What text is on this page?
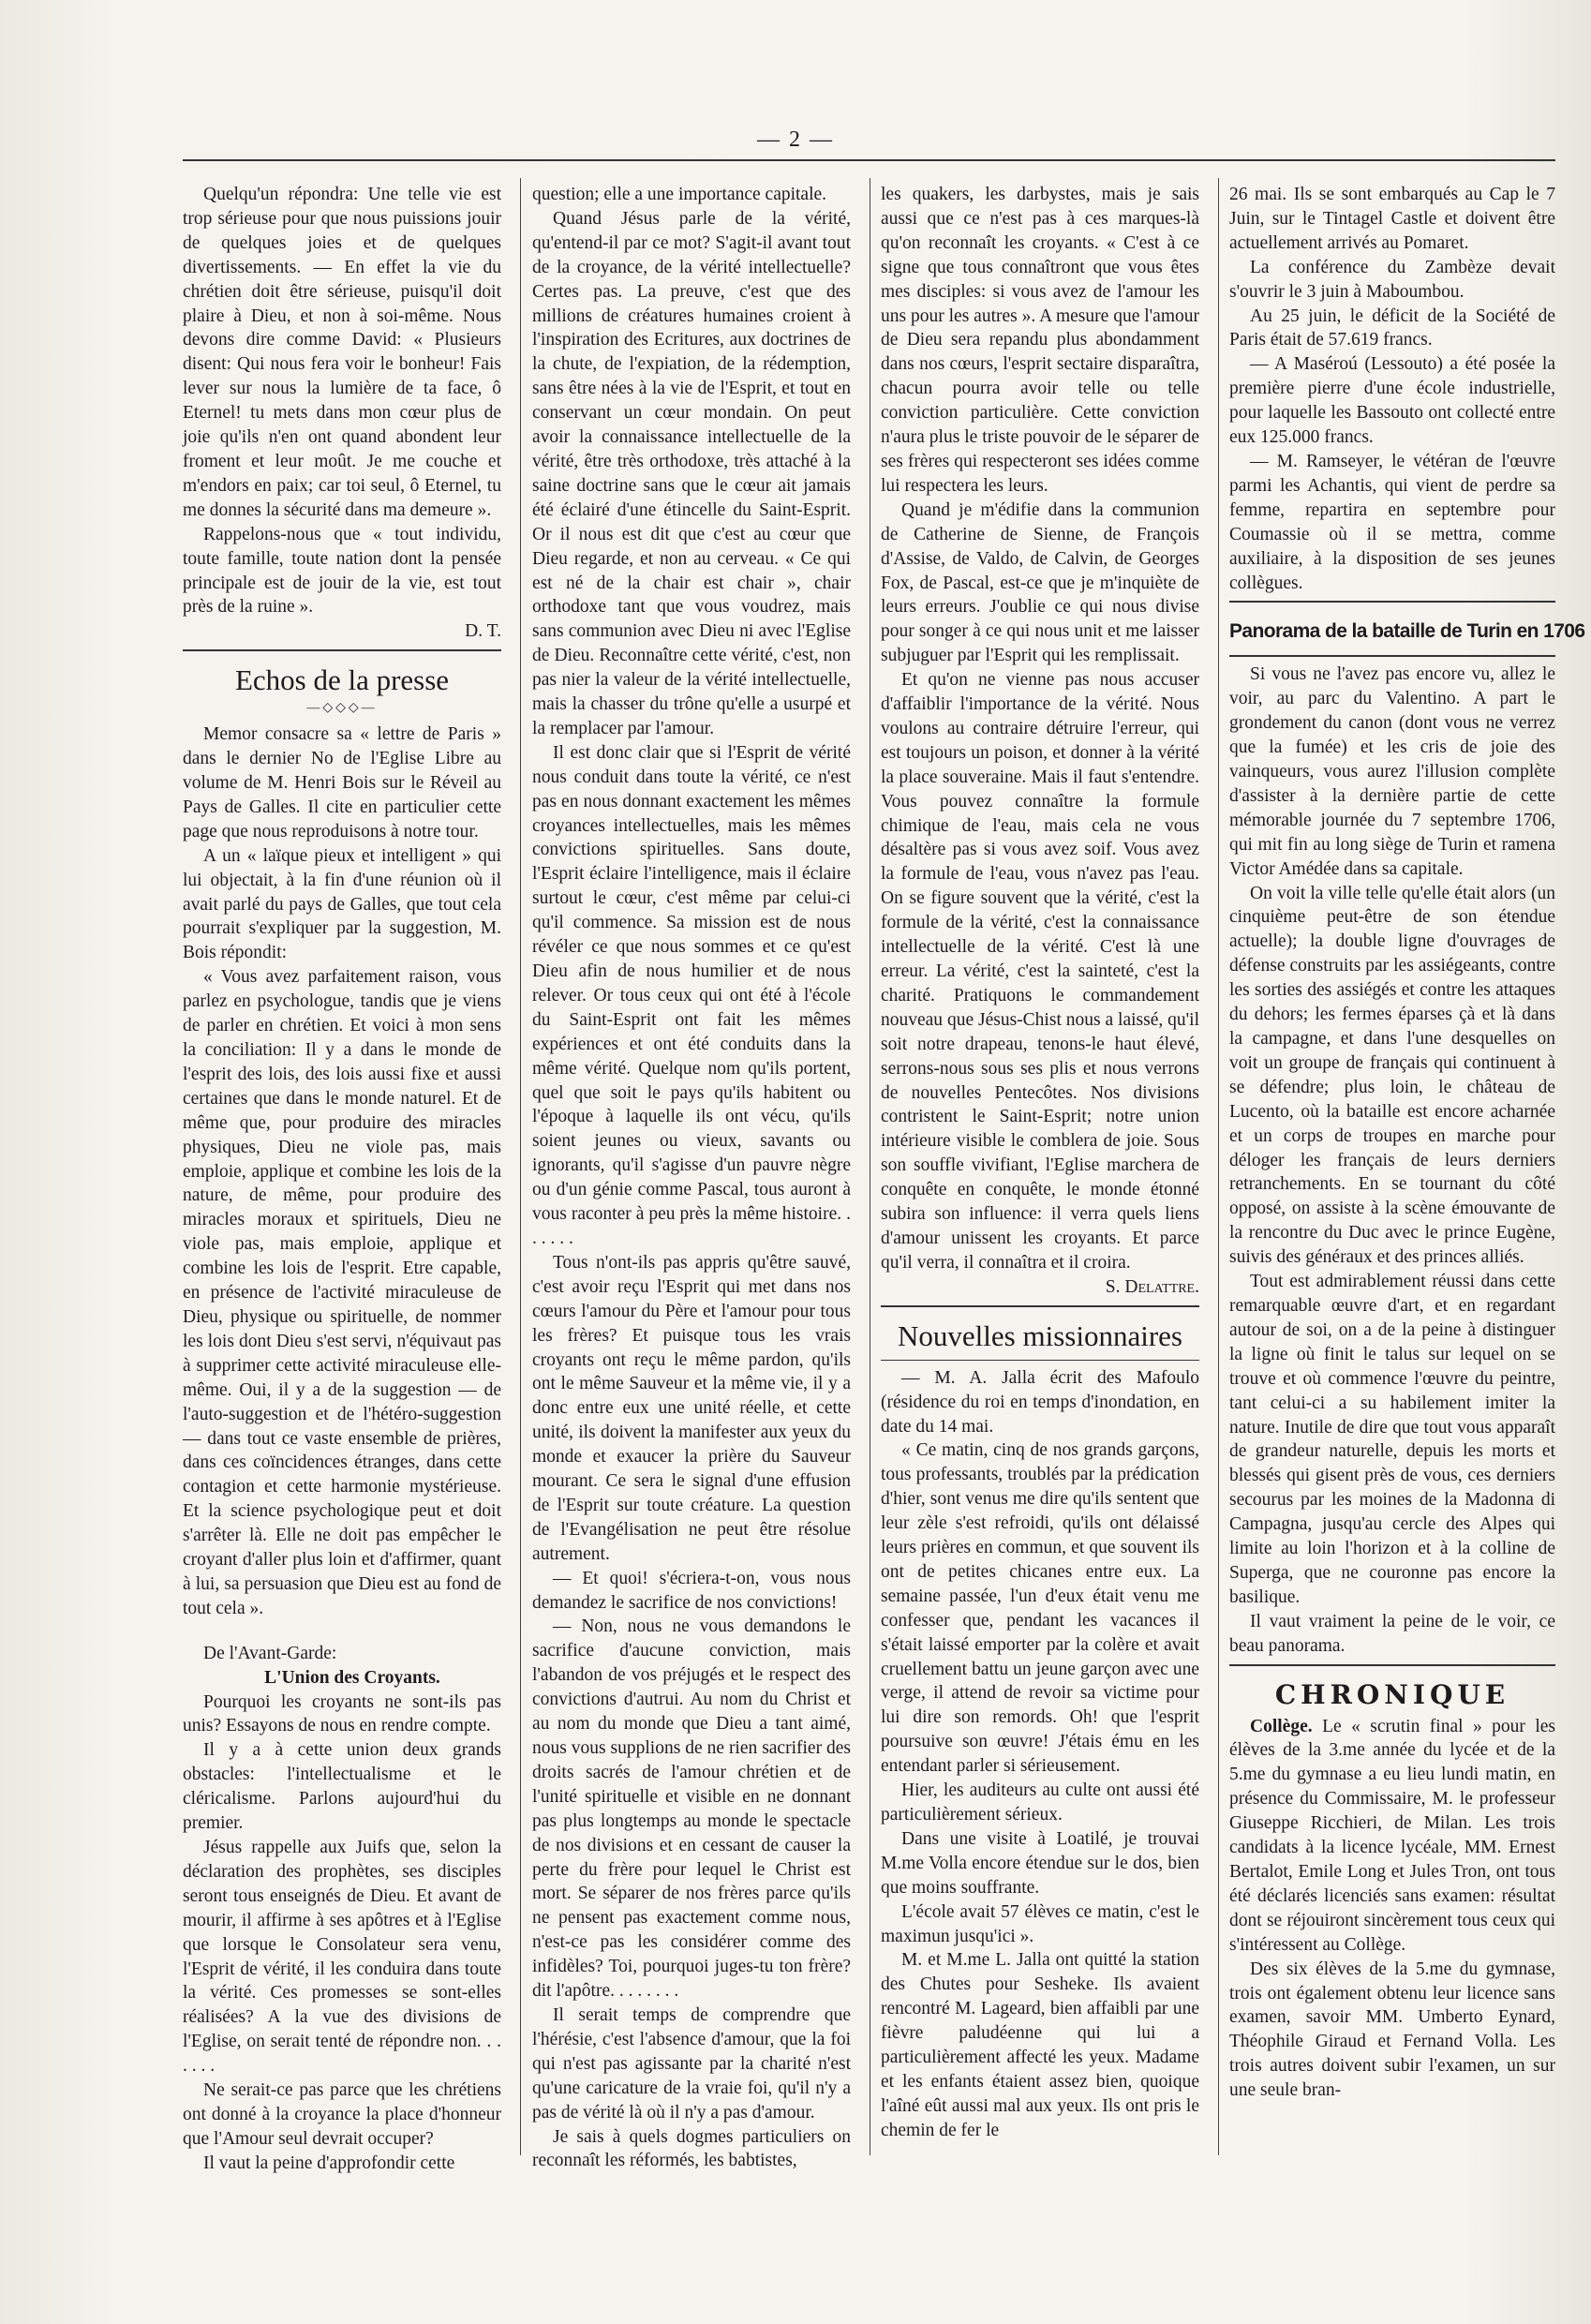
— 2 —

Quelqu'un répondra: Une telle vie est trop sérieuse pour que nous puissions jouir de quelques joies et de quelques divertissements. — En effet la vie du chrétien doit être sérieuse, puisqu'il doit plaire à Dieu, et non à soi-même. Nous devons dire comme David: « Plusieurs disent: Qui nous fera voir le bonheur! Fais lever sur nous la lumière de ta face, ô Eternel! tu mets dans mon cœur plus de joie qu'ils n'en ont quand abondent leur froment et leur moût. Je me couche et m'endors en paix; car toi seul, ô Eternel, tu me donnes la sécurité dans ma demeure ».

Rappelons-nous que « tout individu, toute famille, toute nation dont la pensée principale est de jouir de la vie, est tout près de la ruine ».

D. T.

Echos de la presse
—◇◇◇—

Memor consacre sa « lettre de Paris » dans le dernier No de l'Eglise Libre au volume de M. Henri Bois sur le Réveil au Pays de Galles. Il cite en particulier cette page que nous reproduisons à notre tour.

A un « laïque pieux et intelligent » qui lui objectait, à la fin d'une réunion où il avait parlé du pays de Galles, que tout cela pourrait s'expliquer par la suggestion, M. Bois répondit:

« Vous avez parfaitement raison, vous parlez en psychologue, tandis que je viens de parler en chrétien. Et voici à mon sens la conciliation: Il y a dans le monde de l'esprit des lois, des lois aussi fixe et aussi certaines que dans le monde naturel. Et de même que, pour produire des miracles physiques, Dieu ne viole pas, mais emploie, applique et combine les lois de la nature, de même, pour produire des miracles moraux et spirituels, Dieu ne viole pas, mais emploie, applique et combine les lois de l'esprit. Etre capable, en présence de l'activité miraculeuse de Dieu, physique ou spirituelle, de nommer les lois dont Dieu s'est servi, n'équivaut pas à supprimer cette activité miraculeuse elle-même. Oui, il y a de la suggestion — de l'auto-suggestion et de l'hétéro-suggestion — dans tout ce vaste ensemble de prières, dans ces coïncidences étranges, dans cette contagion et cette harmonie mystérieuse. Et la science psychologique peut et doit s'arrêter là. Elle ne doit pas empêcher le croyant d'aller plus loin et d'affirmer, quant à lui, sa persuasion que Dieu est au fond de tout cela ».

De l'Avant-Garde:

L'Union des Croyants.

Pourquoi les croyants ne sont-ils pas unis? Essayons de nous en rendre compte.

Il y a à cette union deux grands obstacles: l'intellectualisme et le cléricalisme. Parlons aujourd'hui du premier.

Jésus rappelle aux Juifs que, selon la déclaration des prophètes, ses disciples seront tous enseignés de Dieu. Et avant de mourir, il affirme à ses apôtres et à l'Eglise que lorsque le Consolateur sera venu, l'Esprit de vérité, il les conduira dans toute la vérité. Ces promesses se sont-elles réalisées? A la vue des divisions de l'Eglise, on serait tenté de répondre non. . . . . . .

Ne serait-ce pas parce que les chrétiens ont donné à la croyance la place d'honneur que l'Amour seul devrait occuper?

Il vaut la peine d'approfondir cette

question; elle a une importance capitale.

Quand Jésus parle de la vérité, qu'entend-il par ce mot? S'agit-il avant tout de la croyance, de la vérité intellectuelle? Certes pas. La preuve, c'est que des millions de créatures humaines croient à l'inspiration des Ecritures, aux doctrines de la chute, de l'expiation, de la rédemption, sans être nées à la vie de l'Esprit, et tout en conservant un cœur mondain. On peut avoir la connaissance intellectuelle de la vérité, être très orthodoxe, très attaché à la saine doctrine sans que le cœur ait jamais été éclairé d'une étincelle du Saint-Esprit. Or il nous est dit que c'est au cœur que Dieu regarde, et non au cerveau. « Ce qui est né de la chair est chair », chair orthodoxe tant que vous voudrez, mais sans communion avec Dieu ni avec l'Eglise de Dieu. Reconnaître cette vérité, c'est, non pas nier la valeur de la vérité intellectuelle, mais la chasser du trône qu'elle a usurpé et la remplacer par l'amour.

Il est donc clair que si l'Esprit de vérité nous conduit dans toute la vérité, ce n'est pas en nous donnant exactement les mêmes croyances intellectuelles, mais les mêmes convictions spirituelles. Sans doute, l'Esprit éclaire l'intelligence, mais il éclaire surtout le cœur, c'est même par celui-ci qu'il commence. Sa mission est de nous révéler ce que nous sommes et ce qu'est Dieu afin de nous humilier et de nous relever. Or tous ceux qui ont été à l'école du Saint-Esprit ont fait les mêmes expériences et ont été conduits dans la même vérité. Quelque nom qu'ils portent, quel que soit le pays qu'ils habitent ou l'époque à laquelle ils ont vécu, qu'ils soient jeunes ou vieux, savants ou ignorants, qu'il s'agisse d'un pauvre nègre ou d'un génie comme Pascal, tous auront à vous raconter à peu près la même histoire. . . . . . .

Tous n'ont-ils pas appris qu'être sauvé, c'est avoir reçu l'Esprit qui met dans nos cœurs l'amour du Père et l'amour pour tous les frères? Et puisque tous les vrais croyants ont reçu le même pardon, qu'ils ont le même Sauveur et la même vie, il y a donc entre eux une unité réelle, et cette unité, ils doivent la manifester aux yeux du monde et exaucer la prière du Sauveur mourant. Ce sera le signal d'une effusion de l'Esprit sur toute créature. La question de l'Evangélisation ne peut être résolue autrement.

— Et quoi! s'écriera-t-on, vous nous demandez le sacrifice de nos convictions!

— Non, nous ne vous demandons le sacrifice d'aucune conviction, mais l'abandon de vos préjugés et le respect des convictions d'autrui. Au nom du Christ et au nom du monde que Dieu a tant aimé, nous vous supplions de ne rien sacrifier des droits sacrés de l'amour chrétien et de l'unité spirituelle et visible en ne donnant pas plus longtemps au monde le spectacle de nos divisions et en cessant de causer la perte du frère pour lequel le Christ est mort. Se séparer de nos frères parce qu'ils ne pensent pas exactement comme nous, n'est-ce pas les considérer comme des infidèles? Toi, pourquoi juges-tu ton frère? dit l'apôtre. . . . . . . .

Il serait temps de comprendre que l'hérésie, c'est l'absence d'amour, que la foi qui n'est pas agissante par la charité n'est qu'une caricature de la vraie foi, qu'il n'y a pas de vérité là où il n'y a pas d'amour.

Je sais à quels dogmes particuliers on reconnaît les réformés, les babtistes,

les quakers, les darbystes, mais je sais aussi que ce n'est pas à ces marques-là qu'on reconnaît les croyants. « C'est à ce signe que tous connaîtront que vous êtes mes disciples: si vous avez de l'amour les uns pour les autres ». A mesure que l'amour de Dieu sera repandu plus abondamment dans nos cœurs, l'esprit sectaire disparaîtra, chacun pourra avoir telle ou telle conviction particulière. Cette conviction n'aura plus le triste pouvoir de le séparer de ses frères qui respecteront ses idées comme lui respectera les leurs.

Quand je m'édifie dans la communion de Catherine de Sienne, de François d'Assise, de Valdo, de Calvin, de Georges Fox, de Pascal, est-ce que je m'inquiète de leurs erreurs. J'oublie ce qui nous divise pour songer à ce qui nous unit et me laisser subjuguer par l'Esprit qui les remplissait.

Et qu'on ne vienne pas nous accuser d'affaiblir l'importance de la vérité. Nous voulons au contraire détruire l'erreur, qui est toujours un poison, et donner à la vérité la place souveraine. Mais il faut s'entendre. Vous pouvez connaître la formule chimique de l'eau, mais cela ne vous désaltère pas si vous avez soif. Vous avez la formule de l'eau, vous n'avez pas l'eau. On se figure souvent que la vérité, c'est la formule de la vérité, c'est la connaissance intellectuelle de la vérité. C'est là une erreur. La vérité, c'est la sainteté, c'est la charité. Pratiquons le commandement nouveau que Jésus-Chist nous a laissé, qu'il soit notre drapeau, tenons-le haut élevé, serrons-nous sous ses plis et nous verrons de nouvelles Pentecôtes. Nos divisions contristent le Saint-Esprit; notre union intérieure visible le comblera de joie. Sous son souffle vivifiant, l'Eglise marchera de conquête en conquête, le monde étonné subira son influence: il verra quels liens d'amour unissent les croyants. Et parce qu'il verra, il connaîtra et il croira.

S. Delattre.

Nouvelles missionnaires

— M. A. Jalla écrit des Mafoulo (résidence du roi en temps d'inondation, en date du 14 mai.

« Ce matin, cinq de nos grands garçons, tous professants, troublés par la prédication d'hier, sont venus me dire qu'ils sentent que leur zèle s'est refroidi, qu'ils ont délaissé leurs prières en commun, et que souvent ils ont de petites chicanes entre eux. La semaine passée, l'un d'eux était venu me confesser que, pendant les vacances il s'était laissé emporter par la colère et avait cruellement battu un jeune garçon avec une verge, il attend de revoir sa victime pour lui dire son remords. Oh! que l'esprit poursuive son œuvre! J'étais ému en les entendant parler si sérieusement.

Hier, les auditeurs au culte ont aussi été particulièrement sérieux.

Dans une visite à Loatilé, je trouvai M.me Volla encore étendue sur le dos, bien que moins souffrante.

L'école avait 57 élèves ce matin, c'est le maximun jusqu'ici ».

M. et M.me L. Jalla ont quitté la station des Chutes pour Sesheke. Ils avaient rencontré M. Lageard, bien affaibli par une fièvre paludéenne qui lui a particulièrement affecté les yeux. Madame et les enfants étaient assez bien, quoique l'aîné eût aussi mal aux yeux. Ils ont pris le chemin de fer le

26 mai. Ils se sont embarqués au Cap le 7 Juin, sur le Tintagel Castle et doivent être actuellement arrivés au Pomaret.

La conférence du Zambèze devait s'ouvrir le 3 juin à Maboumbou.

Au 25 juin, le déficit de la Société de Paris était de 57.619 francs.

— A Maséroú (Lessouto) a été posée la première pierre d'une école industrielle, pour laquelle les Bassouto ont collecté entre eux 125.000 francs.

— M. Ramseyer, le vétéran de l'œuvre parmi les Achantis, qui vient de perdre sa femme, repartira en septembre pour Coumassie où il se mettra, comme auxiliaire, à la disposition de ses jeunes collègues.

Panorama de la bataille de Turin en 1706

Si vous ne l'avez pas encore vu, allez le voir, au parc du Valentino. A part le grondement du canon (dont vous ne verrez que la fumée) et les cris de joie des vainqueurs, vous aurez l'illusion complète d'assister à la dernière partie de cette mémorable journée du 7 septembre 1706, qui mit fin au long siège de Turin et ramena Victor Amédée dans sa capitale.

On voit la ville telle qu'elle était alors (un cinquième peut-être de son étendue actuelle); la double ligne d'ouvrages de défense construits par les assiégeants, contre les sorties des assiégés et contre les attaques du dehors; les fermes éparses çà et là dans la campagne, et dans l'une desquelles on voit un groupe de français qui continuent à se défendre; plus loin, le château de Lucento, où la bataille est encore acharnée et un corps de troupes en marche pour déloger les français de leurs derniers retranchements. En se tournant du côté opposé, on assiste à la scène émouvante de la rencontre du Duc avec le prince Eugène, suivis des généraux et des princes alliés.

Tout est admirablement réussi dans cette remarquable œuvre d'art, et en regardant autour de soi, on a de la peine à distinguer la ligne où finit le talus sur lequel on se trouve et où commence l'œuvre du peintre, tant celui-ci a su habilement imiter la nature. Inutile de dire que tout vous apparaît de grandeur naturelle, depuis les morts et blessés qui gisent près de vous, ces derniers secourus par les moines de la Madonna di Campagna, jusqu'au cercle des Alpes qui limite au loin l'horizon et à la colline de Superga, que ne couronne pas encore la basilique.

Il vaut vraiment la peine de le voir, ce beau panorama.

CHRONIQUE

Collège. Le « scrutin final » pour les élèves de la 3.me année du lycée et de la 5.me du gymnase a eu lieu lundi matin, en présence du Commissaire, M. le professeur Giuseppe Ricchieri, de Milan. Les trois candidats à la licence lycéale, MM. Ernest Bertalot, Emile Long et Jules Tron, ont tous été déclarés licenciés sans examen: résultat dont se réjouiront sincèrement tous ceux qui s'intéressent au Collège.

Des six élèves de la 5.me du gymnase, trois ont également obtenu leur licence sans examen, savoir MM. Umberto Eynard, Théophile Giraud et Fernand Volla. Les trois autres doivent subir l'examen, un sur une seule bran-
